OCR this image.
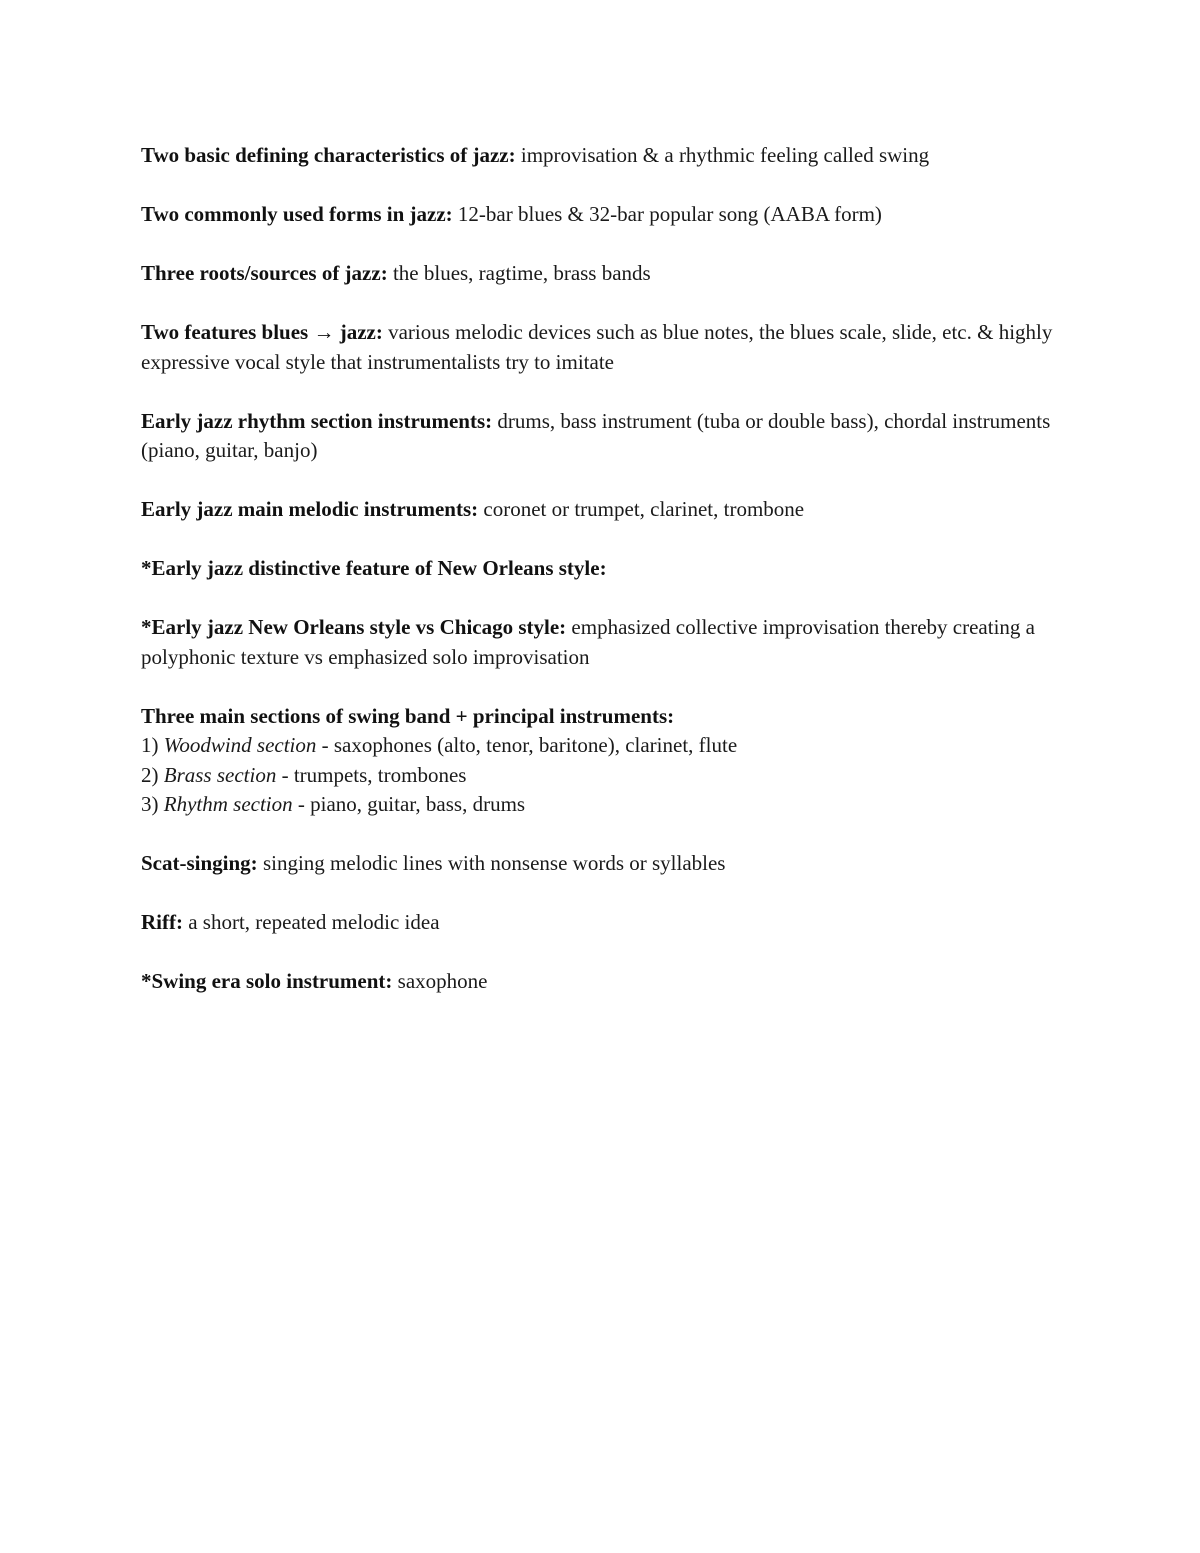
Two basic defining characteristics of jazz: improvisation & a rhythmic feeling called swing

Two commonly used forms in jazz: 12-bar blues & 32-bar popular song (AABA form)

Three roots/sources of jazz: the blues, ragtime, brass bands

Two features blues → jazz: various melodic devices such as blue notes, the blues scale, slide, etc. & highly expressive vocal style that instrumentalists try to imitate

Early jazz rhythm section instruments: drums, bass instrument (tuba or double bass), chordal instruments (piano, guitar, banjo)

Early jazz main melodic instruments: coronet or trumpet, clarinet, trombone

*Early jazz distinctive feature of New Orleans style:

*Early jazz New Orleans style vs Chicago style: emphasized collective improvisation thereby creating a polyphonic texture vs emphasized solo improvisation

Three main sections of swing band + principal instruments:
1) Woodwind section - saxophones (alto, tenor, baritone), clarinet, flute
2) Brass section - trumpets, trombones
3) Rhythm section - piano, guitar, bass, drums

Scat-singing: singing melodic lines with nonsense words or syllables

Riff: a short, repeated melodic idea

*Swing era solo instrument: saxophone
